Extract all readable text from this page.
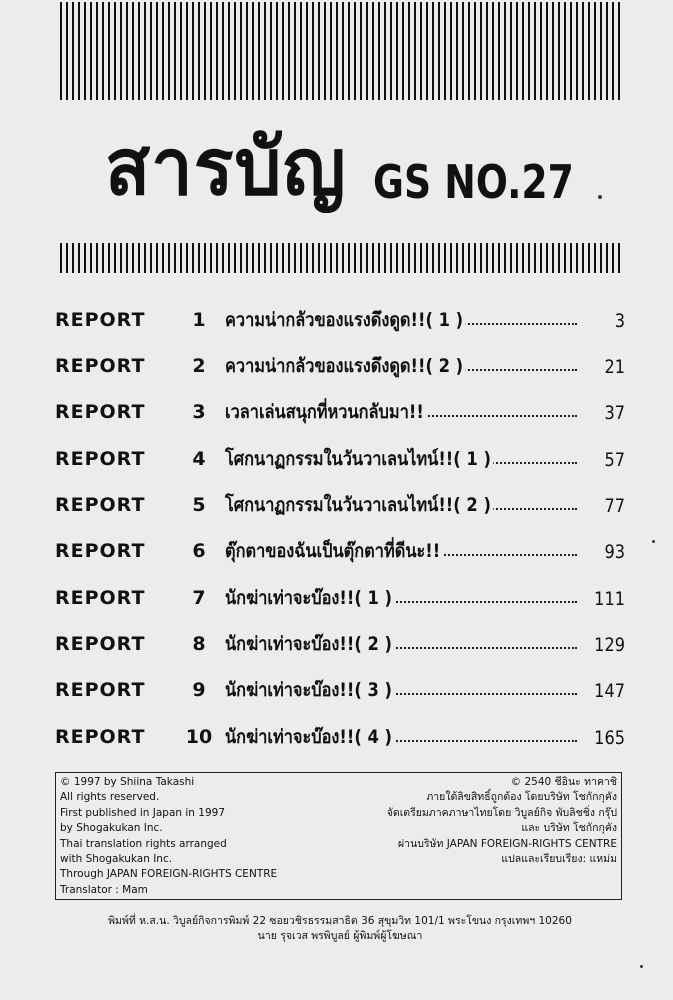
สารบัญ GS NO.27
REPORT	1	ความน่ากลัวของแรงดึงดูด!!( 1 )	3
REPORT	2	ความน่ากลัวของแรงดึงดูด!!( 2 )	21
REPORT	3	เวลาเล่นสนุกที่หวนกลับมา!!	37
REPORT	4	โศกนาฏกรรมในวันวาเลนไทน์!!( 1 )	57
REPORT	5	โศกนาฏกรรมในวันวาเลนไทน์!!( 2 )	77
REPORT	6	ตุ๊กตาของฉันเป็นตุ๊กตาที่ดีนะ!!	93
REPORT	7	นักฆ่าเท่าจะบ๊อง!!( 1 )	111
REPORT	8	นักฆ่าเท่าจะบ๊อง!!( 2 )	129
REPORT	9	นักฆ่าเท่าจะบ๊อง!!( 3 )	147
REPORT	10 นักฆ่าเท่าจะบ๊อง!!( 4 )	165
© 1997 by Shiina Takashi
All rights reserved.
First published in Japan in 1997
by Shogakukan Inc.
Thai translation rights arranged
with Shogakukan Inc.
Through JAPAN FOREIGN-RIGHTS CENTRE
Translator : Mam
© 2540 ชีอินะ ทาคาชิ
ภายใต้ลิขสิทธิ์ถูกต้อง โดยบริษัท โชกักกุคัง
จัดเตรียมภาคภาษาไทยโดย วิบูลย์กิจ พับลิชชิ่ง กรุ๊ป
และ บริษัท โชกักกุคัง
ผ่านบริษัท JAPAN FOREIGN-RIGHTS CENTRE
แปลและเรียบเรียง: แหม่ม
พิมพ์ที่ ห.ส.น. วิบูลย์กิจการพิมพ์ 22 ซอยวชิรธรรมสาธิต 36 สุขุมวิท 101/1 พระโขนง กรุงเทพฯ 10260
นาย รุจเวส พรพิบูลย์ ผู้พิมพ์ผู้โฆษณา
